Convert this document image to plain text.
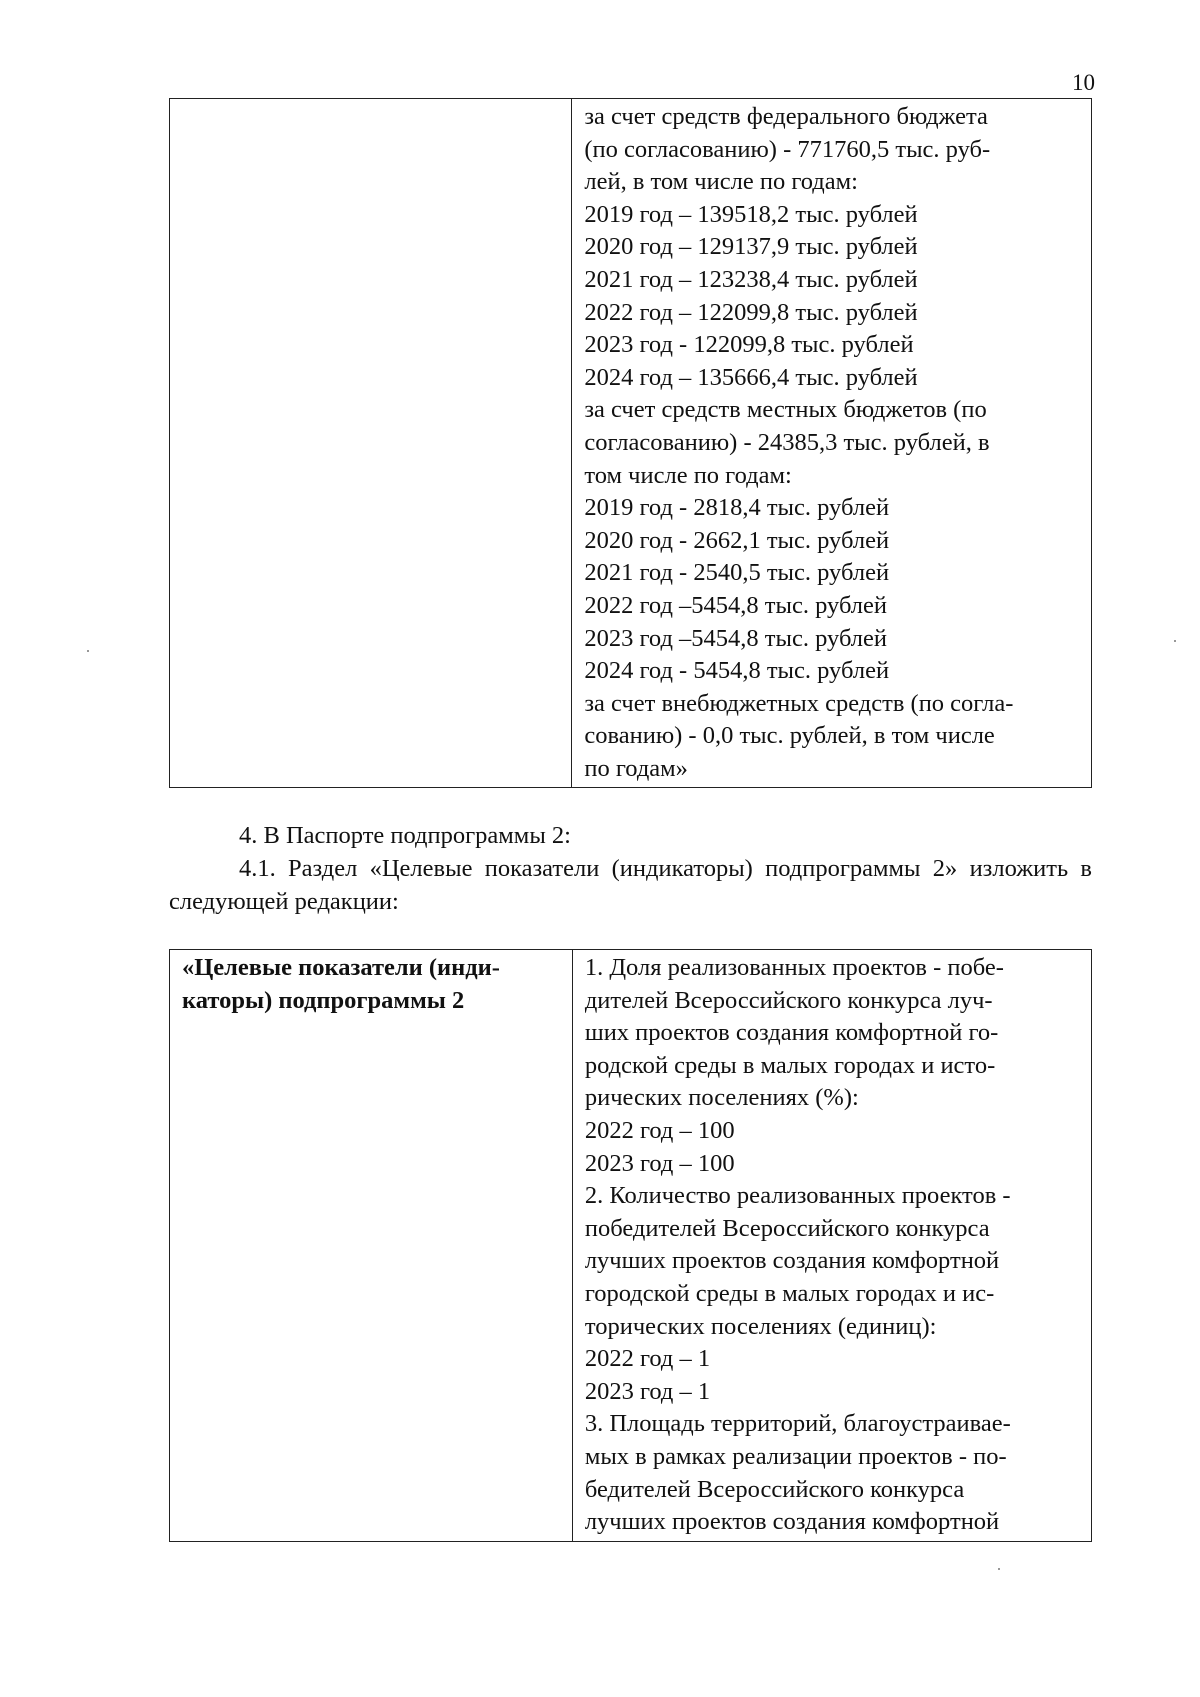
10

за счет средств федерального бюджета
(по согласованию) - 771760,5 тыс. руб-
лей, в том числе по годам:
2019 год – 139518,2 тыс. рублей
2020 год – 129137,9 тыс. рублей
2021 год – 123238,4 тыс. рублей
2022 год – 122099,8 тыс. рублей
2023 год - 122099,8 тыс. рублей
2024 год – 135666,4 тыс. рублей
за счет средств местных бюджетов (по
согласованию) - 24385,3 тыс. рублей, в
том числе по годам:
2019 год - 2818,4 тыс. рублей
2020 год - 2662,1 тыс. рублей
2021 год - 2540,5 тыс. рублей
2022 год –5454,8 тыс. рублей
2023 год –5454,8 тыс. рублей
2024 год - 5454,8 тыс. рублей
за счет внебюджетных средств (по согла-
сованию) - 0,0 тыс. рублей, в том числе
по годам»

4. В Паспорте подпрограммы 2:

4.1. Раздел «Целевые показатели (индикаторы) подпрограммы 2» изложить в следующей редакции:

«Целевые показатели (инди-
каторы) подпрограммы 2

1. Доля реализованных проектов - побе-
дителей Всероссийского конкурса луч-
ших проектов создания комфортной го-
родской среды в малых городах и исто-
рических поселениях (%):
2022 год – 100
2023 год – 100
2. Количество реализованных проектов -
победителей Всероссийского конкурса
лучших проектов создания комфортной
городской среды в малых городах и ис-
торических поселениях (единиц):
2022 год – 1
2023 год – 1
3. Площадь территорий, благоустраивае-
мых в рамках реализации проектов - по-
бедителей Всероссийского конкурса
лучших проектов создания комфортной
